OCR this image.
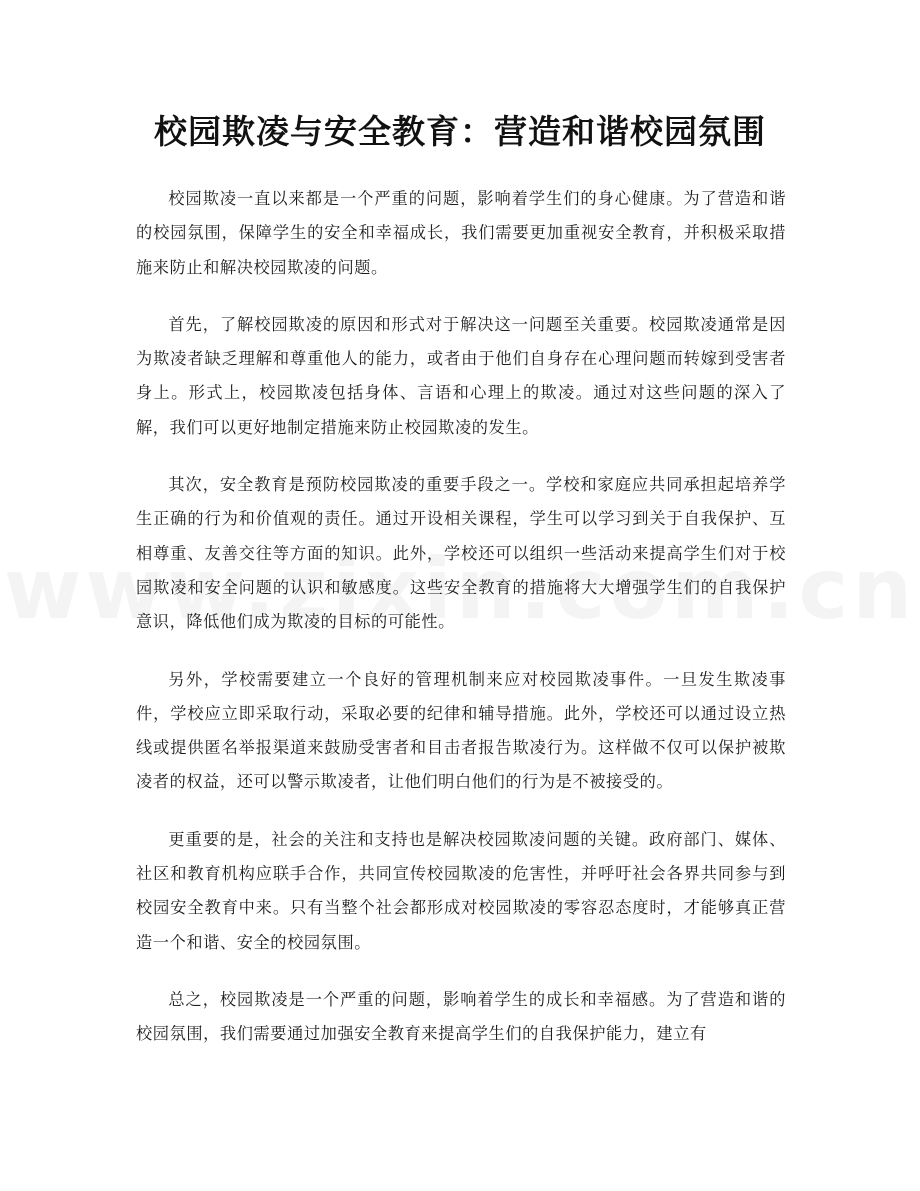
校园欺凌与安全教育：营造和谐校园氛围

校园欺凌一直以来都是一个严重的问题，影响着学生们的身心健康。为了营造和谐的校园氛围，保障学生的安全和幸福成长，我们需要更加重视安全教育，并积极采取措施来防止和解决校园欺凌的问题。

首先，了解校园欺凌的原因和形式对于解决这一问题至关重要。校园欺凌通常是因为欺凌者缺乏理解和尊重他人的能力，或者由于他们自身存在心理问题而转嫁到受害者身上。形式上，校园欺凌包括身体、言语和心理上的欺凌。通过对这些问题的深入了解，我们可以更好地制定措施来防止校园欺凌的发生。

其次，安全教育是预防校园欺凌的重要手段之一。学校和家庭应共同承担起培养学生正确的行为和价值观的责任。通过开设相关课程，学生可以学习到关于自我保护、互相尊重、友善交往等方面的知识。此外，学校还可以组织一些活动来提高学生们对于校园欺凌和安全问题的认识和敏感度。这些安全教育的措施将大大增强学生们的自我保护意识，降低他们成为欺凌的目标的可能性。

另外，学校需要建立一个良好的管理机制来应对校园欺凌事件。一旦发生欺凌事件，学校应立即采取行动，采取必要的纪律和辅导措施。此外，学校还可以通过设立热线或提供匿名举报渠道来鼓励受害者和目击者报告欺凌行为。这样做不仅可以保护被欺凌者的权益，还可以警示欺凌者，让他们明白他们的行为是不被接受的。

更重要的是，社会的关注和支持也是解决校园欺凌问题的关键。政府部门、媒体、社区和教育机构应联手合作，共同宣传校园欺凌的危害性，并呼吁社会各界共同参与到校园安全教育中来。只有当整个社会都形成对校园欺凌的零容忍态度时，才能够真正营造一个和谐、安全的校园氛围。

总之，校园欺凌是一个严重的问题，影响着学生的成长和幸福感。为了营造和谐的校园氛围，我们需要通过加强安全教育来提高学生们的自我保护能力，建立有
